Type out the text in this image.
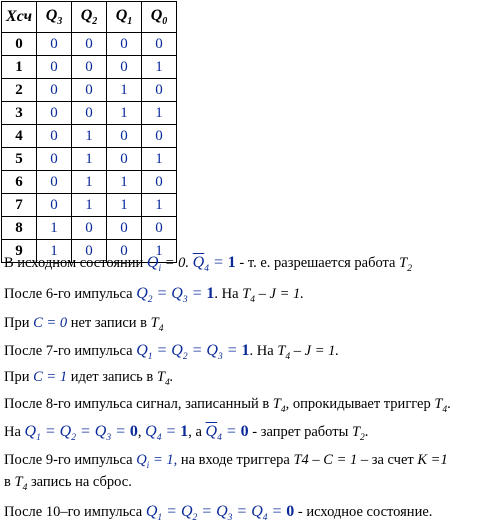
Xсч	$Q_3$	$Q_2$	$Q_1$	$Q_0$
0	0	0	0	0
1	0	0	0	1
2	0	0	1	0
3	0	0	1	1
4	0	1	0	0
5	0	1	0	1
6	0	1	1	0
7	0	1	1	1
8	1	0	0	0
9	1	0	0	1
В исходном состоянии $Q_i = 0$. $\overline{Q}_4 = 1 - т$. е. разрешается работа $T_2$
После 6-го импульса $Q_2 = Q_3 = 1$. На $T_4 - J = 1$.
При C = 0 нет записи в $T_4$
После 7-го импульса $Q_1 = Q_2 = Q_3 = 1$. На $T_4 - J = 1$.
При C = 1 идет запись в $T_4$.
После 8-го импульса сигнал, записанный в $T_4$, опрокидывает триггер $T_4$.
На $Q_1 = Q_2 = Q_3 = 0$, $Q_4 = 1$, а $\overline{Q}_4 = 0$ - запрет работы $T_2$.
После 9-го импульса $Q_i = 1$, на входе триггера T4 – C = 1 – за счет K =1
в $T_4$ запись на сброс.
После 10–го импульса $Q_1 = Q_2 = Q_3 = Q_4 = 0$ - исходное состояние.
